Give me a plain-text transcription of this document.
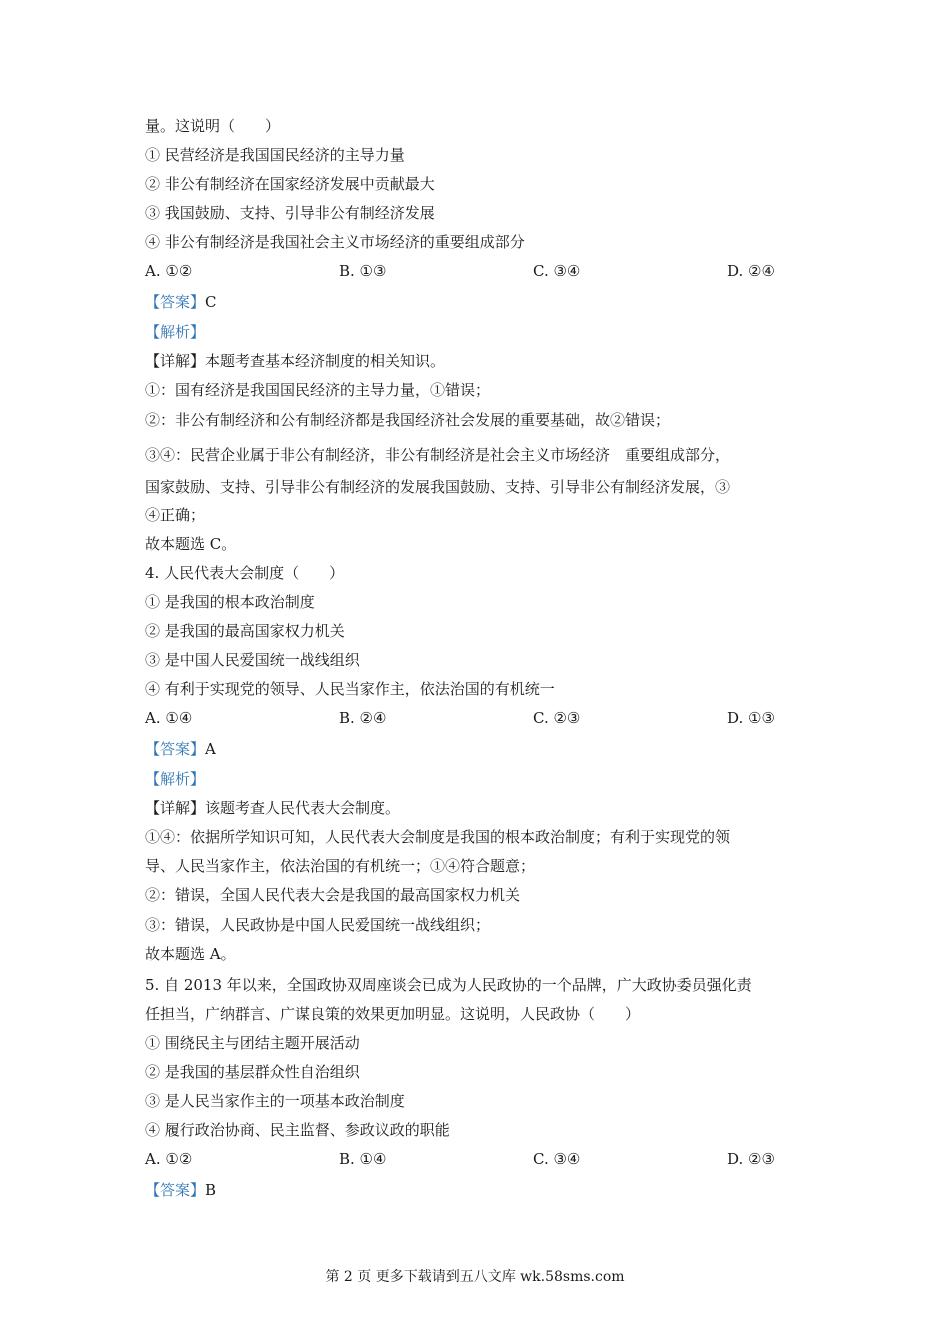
量。这说明（　　）
① 民营经济是我国国民经济的主导力量
② 非公有制经济在国家经济发展中贡献最大
③ 我国鼓励、支持、引导非公有制经济发展
④ 非公有制经济是我国社会主义市场经济的重要组成部分
A. ①②	B. ①③	C. ③④	D. ②④
【答案】C
【解析】
【详解】本题考查基本经济制度的相关知识。
①：国有经济是我国国民经济的主导力量，①错误；
②：非公有制经济和公有制经济都是我国经济社会发展的重要基础，故②错误；
③④：民营企业属于非公有制经济，非公有制经济是社会主义市场经济　重要组成部分，
国家鼓励、支持、引导非公有制经济的发展我国鼓励、支持、引导非公有制经济发展，③
④正确；
故本题选 C。
4. 人民代表大会制度（　　）
① 是我国的根本政治制度
② 是我国的最高国家权力机关
③ 是中国人民爱国统一战线组织
④ 有利于实现党的领导、人民当家作主，依法治国的有机统一
A. ①④	B. ②④	C. ②③	D. ①③
【答案】A
【解析】
【详解】该题考查人民代表大会制度。
①④：依据所学知识可知，人民代表大会制度是我国的根本政治制度；有利于实现党的领
导、人民当家作主，依法治国的有机统一；①④符合题意；
②：错误，全国人民代表大会是我国的最高国家权力机关
③：错误，人民政协是中国人民爱国统一战线组织；
故本题选 A。
5. 自 2013 年以来，全国政协双周座谈会已成为人民政协的一个品牌，广大政协委员强化责
任担当，广纳群言、广谋良策的效果更加明显。这说明，人民政协（　　）
① 围绕民主与团结主题开展活动
② 是我国的基层群众性自治组织
③ 是人民当家作主的一项基本政治制度
④ 履行政治协商、民主监督、参政议政的职能
A. ①②	B. ①④	C. ③④	D. ②③
【答案】B
第 2 页 更多下载请到五八文库 wk.58sms.com
